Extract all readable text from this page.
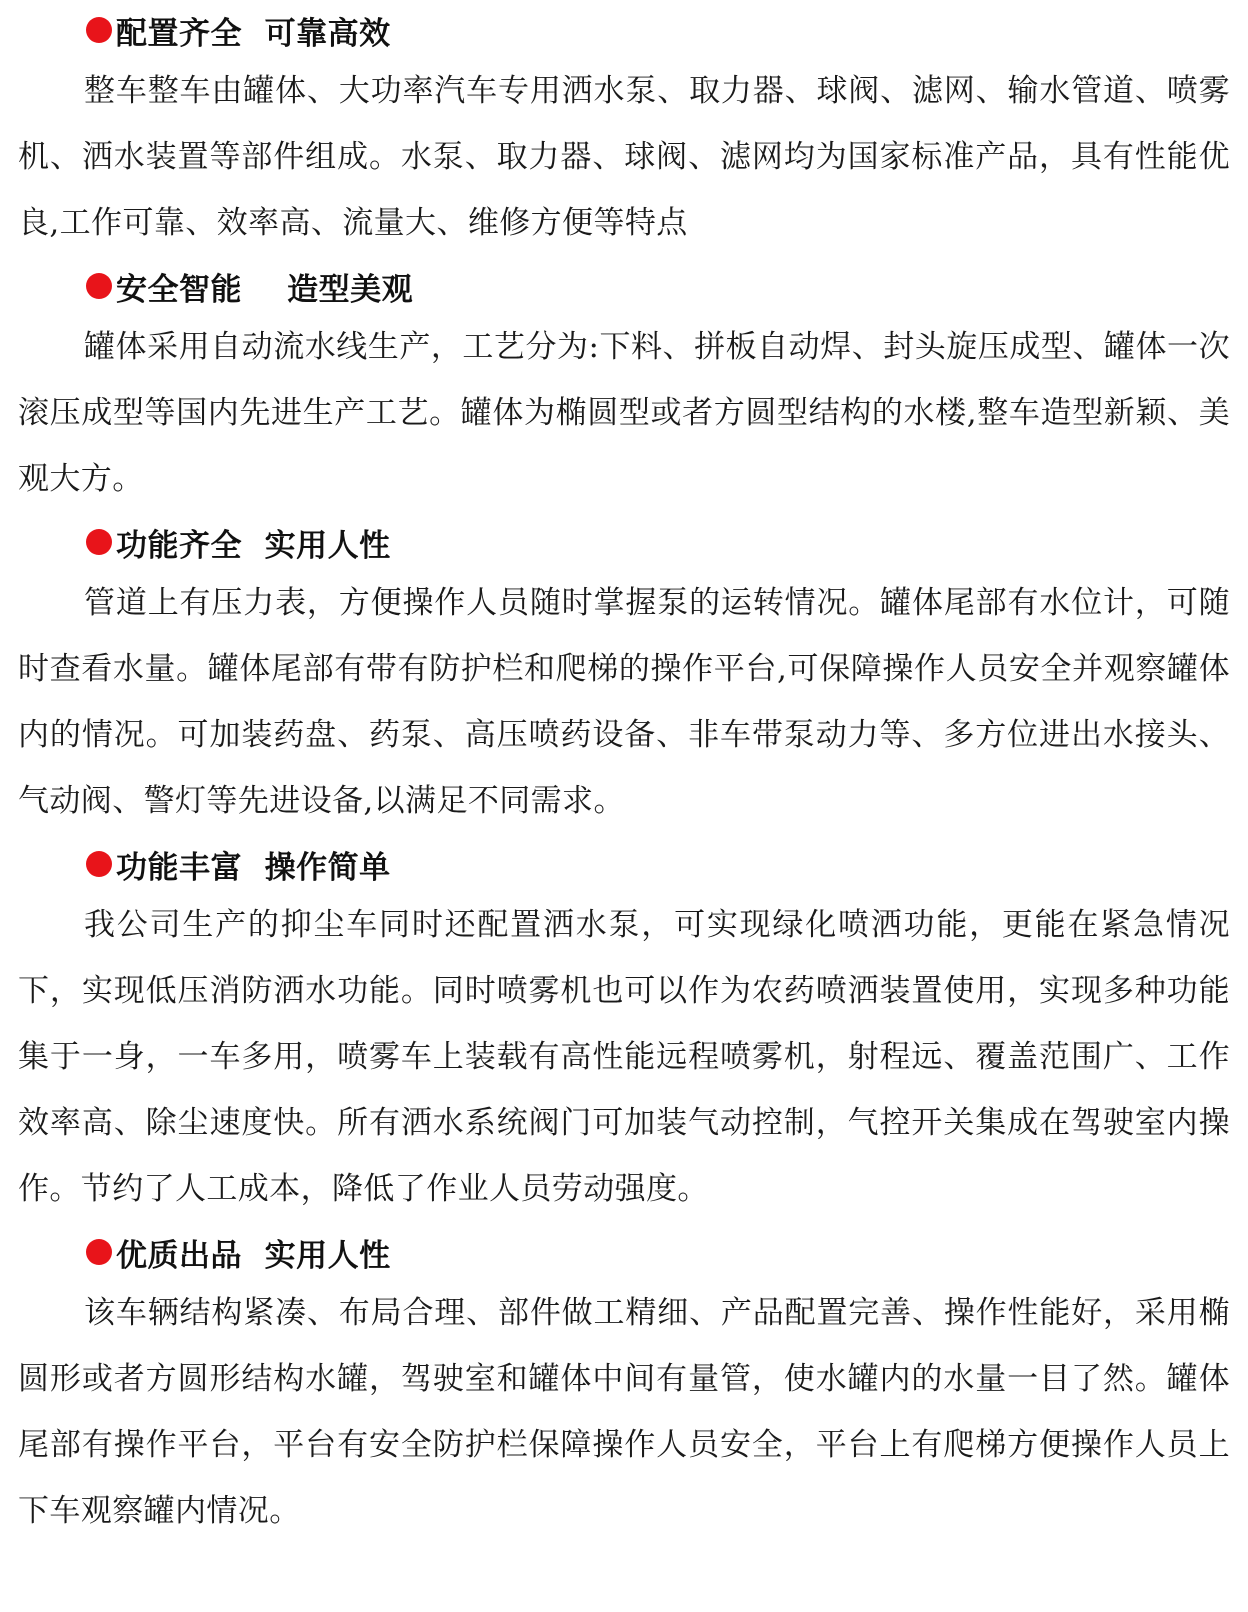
配置齐全  可靠高效

整车整车由罐体、大功率汽车专用洒水泵、取力器、球阀、滤网、输水管道、喷雾机、洒水装置等部件组成。水泵、取力器、球阀、滤网均为国家标准产品，具有性能优良,工作可靠、效率高、流量大、维修方便等特点

安全智能    造型美观

罐体采用自动流水线生产，工艺分为:下料、拼板自动焊、封头旋压成型、罐体一次滚压成型等国内先进生产工艺。罐体为椭圆型或者方圆型结构的水楼,整车造型新颖、美观大方。

功能齐全  实用人性

管道上有压力表，方便操作人员随时掌握泵的运转情况。罐体尾部有水位计，可随时查看水量。罐体尾部有带有防护栏和爬梯的操作平台,可保障操作人员安全并观察罐体内的情况。可加装药盘、药泵、高压喷药设备、非车带泵动力等、多方位进出水接头、气动阀、警灯等先进设备,以满足不同需求。

功能丰富  操作简单

我公司生产的抑尘车同时还配置洒水泵，可实现绿化喷洒功能，更能在紧急情况下，实现低压消防洒水功能。同时喷雾机也可以作为农药喷洒装置使用，实现多种功能集于一身，一车多用，喷雾车上装载有高性能远程喷雾机，射程远、覆盖范围广、工作效率高、除尘速度快。所有洒水系统阀门可加装气动控制，气控开关集成在驾驶室内操作。节约了人工成本，降低了作业人员劳动强度。

优质出品  实用人性

该车辆结构紧凑、布局合理、部件做工精细、产品配置完善、操作性能好，采用椭圆形或者方圆形结构水罐，驾驶室和罐体中间有量管，使水罐内的水量一目了然。罐体尾部有操作平台，平台有安全防护栏保障操作人员安全，平台上有爬梯方便操作人员上下车观察罐内情况。
